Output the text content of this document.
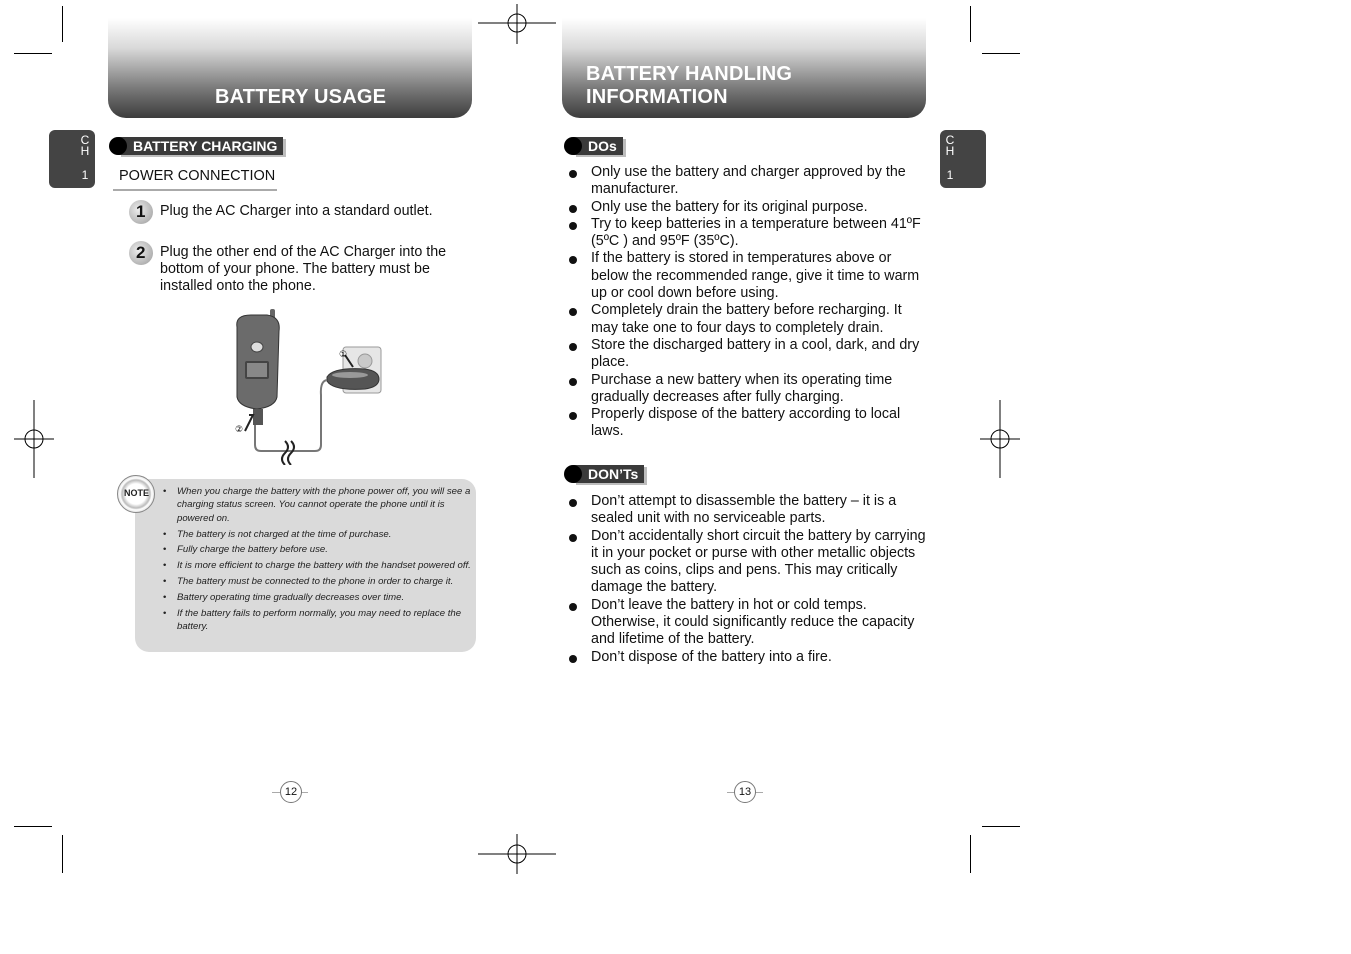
BATTERY USAGE
C
H
1
BATTERY CHARGING
POWER CONNECTION
1 Plug the AC Charger into a standard outlet.
2 Plug the other end of the AC Charger into the bottom of your phone. The battery must be installed onto the phone.
①
②
• When you charge the battery with the phone power off, you will see a charging status screen. You cannot operate the phone until it is powered on.
• The battery is not charged at the time of purchase.
• Fully charge the battery before use.
• It is more efficient to charge the battery with the handset powered off.
• The battery must be connected to the phone in order to charge it.
• Battery operating time gradually decreases over time.
• If the battery fails to perform normally, you may need to replace the battery.
NOTE
12
BATTERY HANDLING INFORMATION
C
H
1
DOs
Only use the battery and charger approved by the manufacturer.
Only use the battery for its original purpose.
Try to keep batteries in a temperature between 41ºF (5ºC ) and 95ºF (35ºC).
If the battery is stored in temperatures above or below the recommended range, give it time to warm up or cool down before using.
Completely drain the battery before recharging. It may take one to four days to completely drain.
Store the discharged battery in a cool, dark, and dry place.
Purchase a new battery when its operating time gradually decreases after fully charging.
Properly dispose of the battery according to local laws.
DON’Ts
Don’t attempt to disassemble the battery – it is a sealed unit with no serviceable parts.
Don’t accidentally short circuit the battery by carrying it in your pocket or purse with other metallic objects such as coins, clips and pens. This may critically damage the battery.
Don’t leave the battery in hot or cold temps. Otherwise, it could significantly reduce the capacity and lifetime of the battery.
Don’t dispose of the battery into a fire.
13
